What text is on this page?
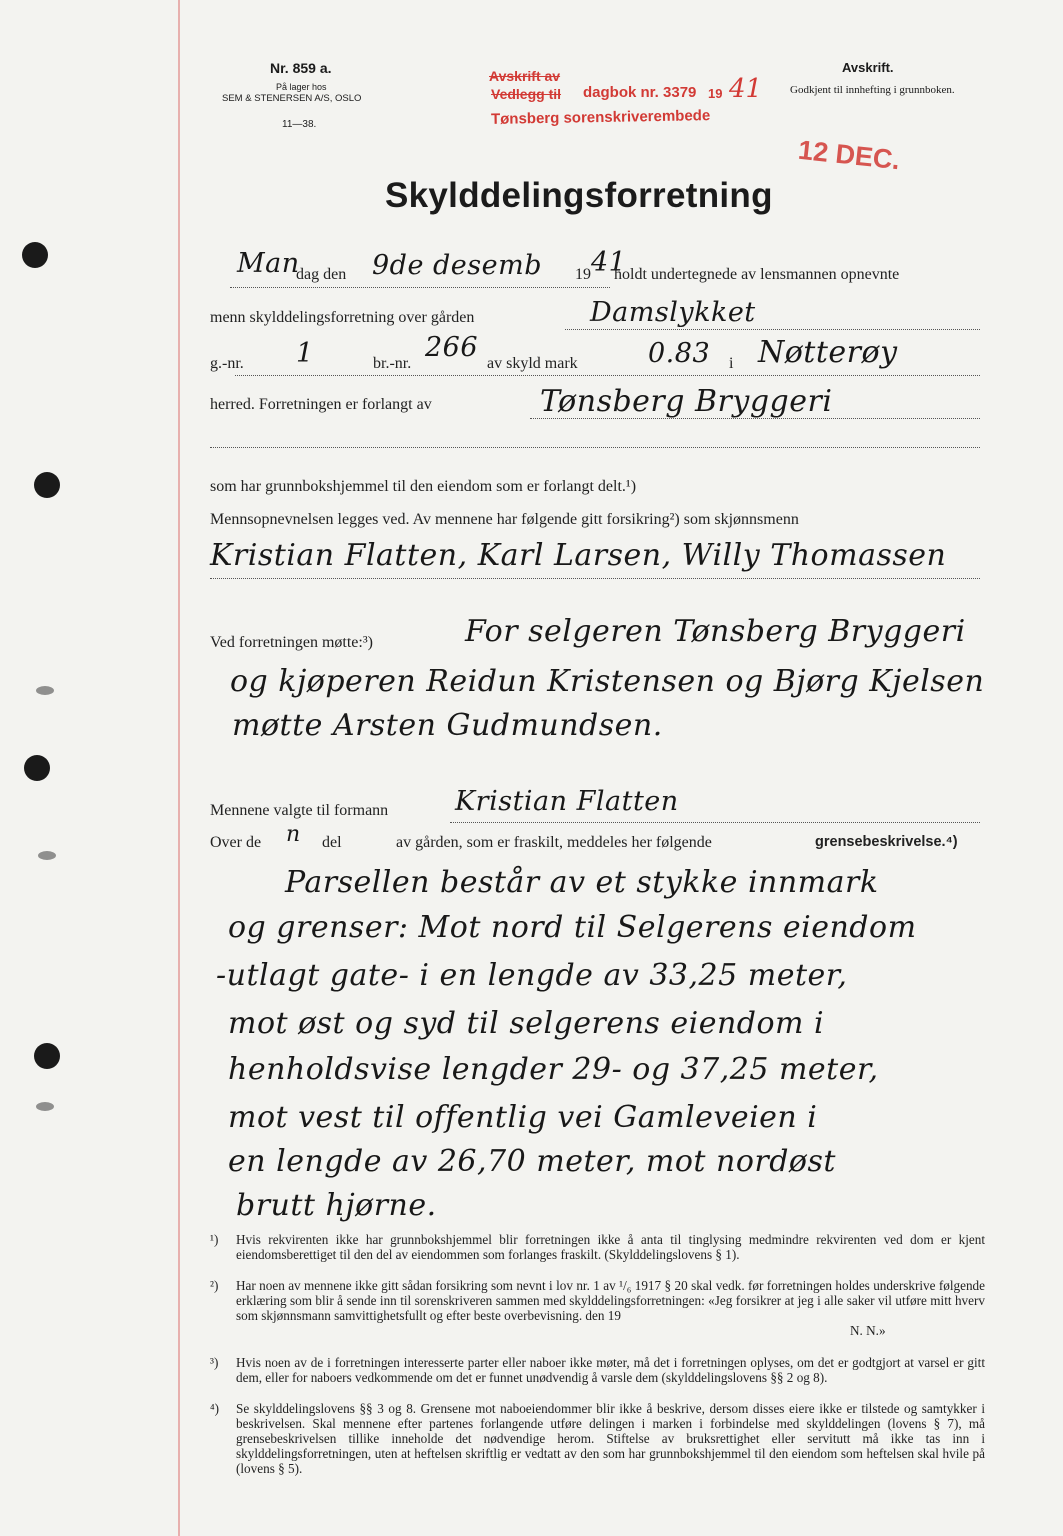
Nr. 859 a.
På lager hos
SEM & STENERSEN A/S, OSLO
11—38.
Avskrift av
Vedlegg til dagbok nr. 3379 19 41
Tønsberg sorenskriverembede
12 DEC.
Avskrift.
Godkjent til innhefting i grunnboken.
Skylddelingsforretning
Man
dag den 9de desemb 19 41
holdt undertegnede av lensmannen opnevnte
menn skylddelingsforretning over gården	Damslykket
g.-nr. 1	br.-nr.
266
av skyld mark	0.83 i Nøtterøy
herred. Forretningen er forlangt av	Tønsberg Bryggeri
som har grunnbokshjemmel til den eiendom som er forlangt delt.¹)
Mennsopnevnelsen legges ved. Av mennene har følgende gitt forsikring²) som skjønnsmenn
Kristian Flatten, Karl Larsen, Willy Thomassen
Ved forretningen møtte:³)	For selgeren Tønsberg Bryggeri
og kjøperen Reidun Kristensen og Bjørg Kjelsen
møtte Arsten Gudmundsen.
Mennene valgte til formann Kristian Flatten
Over de n del	av gården, som er fraskilt, meddeles her følgende	grensebeskrivelse.⁴)
Parsellen består av et stykke innmark
og grenser: Mot nord til Selgerens eiendom
-utlagt gate- i en lengde av 33,25 meter,
mot øst og syd til selgerens eiendom i
henholdsvise lengder 29- og 37,25 meter,
mot vest til offentlig vei Gamleveien i
en lengde av 26,70 meter, mot nordøst
brutt hjørne.
¹) Hvis rekvirenten ikke har grunnbokshjemmel blir forretningen ikke å anta til tinglysing medmindre rekvirenten ved dom er kjent eiendomsberettiget til den del av eiendommen som forlanges fraskilt. (Skylddelingslovens § 1).
²) Har noen av mennene ikke gitt sådan forsikring som nevnt i lov nr. 1 av ¹/₆ 1917 § 20 skal vedk. før forretningen holdes underskrive følgende erklæring som blir å sende inn til sorenskriveren sammen med skylddelingsforretningen: «Jeg forsikrer at jeg i alle saker vil utføre mitt hverv som skjønnsmann samvittighetsfullt og efter beste overbevisning. den 19
N. N.»
³) Hvis noen av de i forretningen interesserte parter eller naboer ikke møter, må det i forretningen oplyses, om det er godtgjort at varsel er gitt dem, eller for naboers vedkommende om det er funnet unødvendig å varsle dem (skylddelingslovens §§ 2 og 8).
⁴) Se skylddelingslovens §§ 3 og 8. Grensene mot naboeiendommer blir ikke å beskrive, dersom disses eiere ikke er tilstede og samtykker i beskrivelsen. Skal mennene efter partenes forlangende utføre delingen i marken i forbindelse med skylddelingen (lovens § 7), må grensebeskrivelsen tillike inneholde det nødvendige herom. Stiftelse av bruksrettighet eller servitutt må ikke tas inn i skylddelingsforretningen, uten at heftelsen skriftlig er vedtatt av den som har grunnbokshjemmel til den eiendom som heftelsen skal hvile på (lovens § 5).
